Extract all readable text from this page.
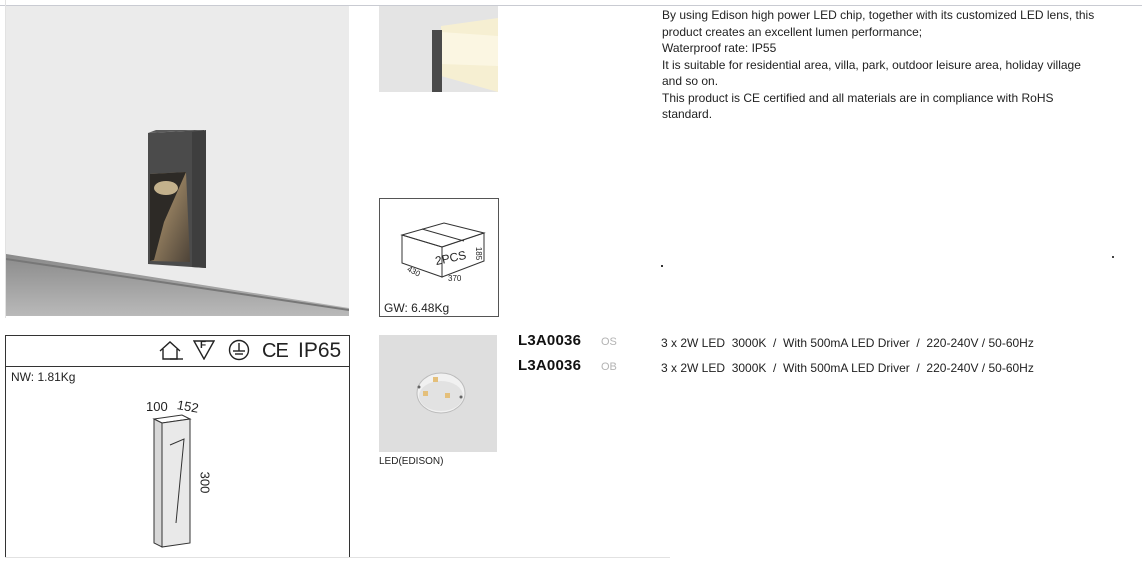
2PCS
430	370
185
GW: 6.48Kg
F	CE IP65
NW: 1.81Kg
100 152
300
LED(EDISON)

By using Edison high power LED chip, together with its customized LED lens, this product creates an excellent lumen performance;

Waterproof rate: IP55

It is suitable for residential area, villa, park, outdoor leisure area, holiday village and so on.

This product is CE certified and all materials are in compliance with RoHS standard.

L3A0036 OS	3 x 2W LED  3000K  /  With 500mA LED Driver  /  220-240V / 50-60Hz
L3A0036 OB	3 x 2W LED  3000K  /  With 500mA LED Driver  /  220-240V / 50-60Hz
